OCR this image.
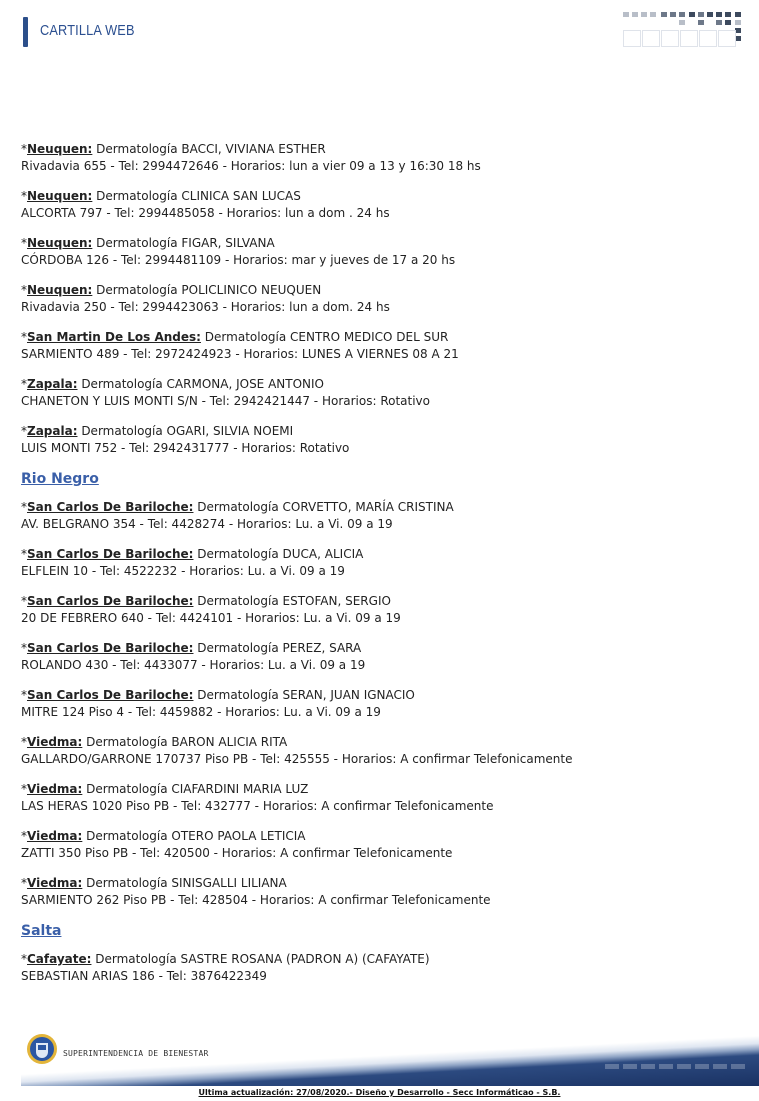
CARTILLA WEB
*Neuquen: Dermatología BACCI, VIVIANA ESTHER
Rivadavia 655 - Tel: 2994472646 - Horarios: lun a vier 09 a 13 y 16:30 18 hs
*Neuquen: Dermatología CLINICA SAN LUCAS
ALCORTA 797 - Tel: 2994485058 - Horarios: lun a dom . 24 hs
*Neuquen: Dermatología FIGAR, SILVANA
CÓRDOBA 126 - Tel: 2994481109 - Horarios: mar y jueves de 17 a 20 hs
*Neuquen: Dermatología POLICLINICO NEUQUEN
Rivadavia 250 - Tel: 2994423063 - Horarios: lun a dom. 24 hs
*San Martin De Los Andes: Dermatología CENTRO MEDICO DEL SUR
SARMIENTO 489 - Tel: 2972424923 - Horarios: LUNES A VIERNES 08 A 21
*Zapala: Dermatología CARMONA, JOSE ANTONIO
CHANETON Y LUIS MONTI S/N - Tel: 2942421447 - Horarios: Rotativo
*Zapala: Dermatología OGARI, SILVIA NOEMI
LUIS MONTI 752 - Tel: 2942431777 - Horarios: Rotativo
Rio Negro
*San Carlos De Bariloche: Dermatología CORVETTO, MARÍA CRISTINA
AV. BELGRANO 354 - Tel: 4428274 - Horarios: Lu. a Vi. 09 a 19
*San Carlos De Bariloche: Dermatología DUCA, ALICIA
ELFLEIN 10 - Tel: 4522232 - Horarios: Lu. a Vi. 09 a 19
*San Carlos De Bariloche: Dermatología ESTOFAN, SERGIO
20 DE FEBRERO 640 - Tel: 4424101 - Horarios: Lu. a Vi. 09 a 19
*San Carlos De Bariloche: Dermatología PEREZ, SARA
ROLANDO 430 - Tel: 4433077 - Horarios: Lu. a Vi. 09 a 19
*San Carlos De Bariloche: Dermatología SERAN, JUAN IGNACIO
MITRE 124 Piso 4 - Tel: 4459882 - Horarios: Lu. a Vi. 09 a 19
*Viedma: Dermatología BARON ALICIA RITA
GALLARDO/GARRONE 170737 Piso PB - Tel: 425555 - Horarios: A confirmar Telefonicamente
*Viedma: Dermatología CIAFARDINI MARIA LUZ
LAS HERAS 1020 Piso PB - Tel: 432777 - Horarios: A confirmar Telefonicamente
*Viedma: Dermatología OTERO PAOLA LETICIA
ZATTI 350 Piso PB - Tel: 420500 - Horarios: A confirmar Telefonicamente
*Viedma: Dermatología SINISGALLI LILIANA
SARMIENTO 262 Piso PB - Tel: 428504 - Horarios: A confirmar Telefonicamente
Salta
*Cafayate: Dermatología SASTRE ROSANA (PADRON A) (CAFAYATE)
SEBASTIAN ARIAS 186 - Tel: 3876422349
SUPERINTENDENCIA DE BIENESTAR
Ultima actualización: 27/08/2020.- Diseño y Desarrollo - Secc Informáticao - S.B.
